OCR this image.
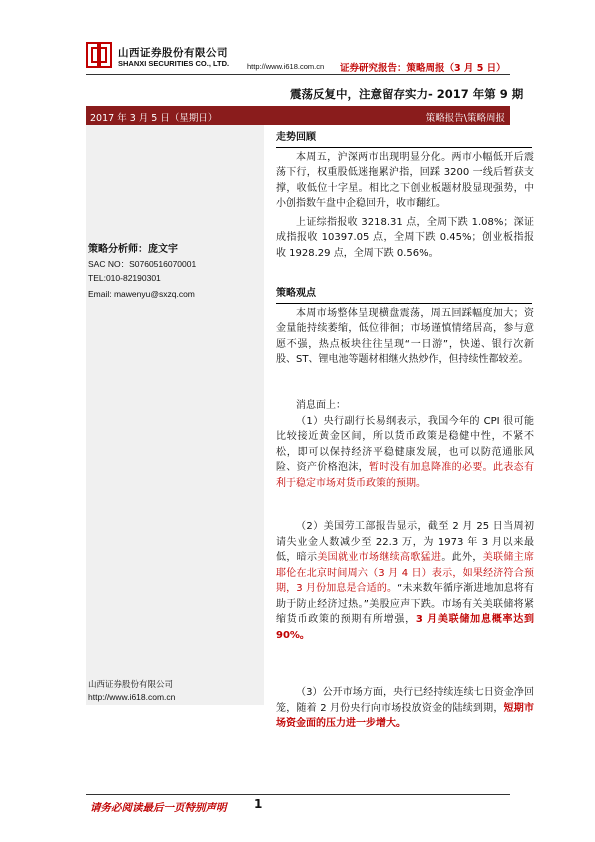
山西证券股份有限公司
SHANXI SECURITIES CO., LTD. http://www.i618.com.cn 证券研究报告：策略周报（3 月 5 日）
震荡反复中，注意留存实力- 2017 年第 9 期
2017 年 3 月 5 日（星期日）	策略报告\策略周报
策略分析师：庞文宇
SAC NO：S0760516070001
TEL:010-82190301
Email: mawenyu@sxzq.com
山西证券股份有限公司
http://www.i618.com.cn
走势回顾

本周五，沪深两市出现明显分化。两市小幅低开后震荡下行，权重股低迷拖累沪指，回踩 3200 一线后暂获支撑，收低位十字星。相比之下创业板题材股显现强势，中小创指数午盘中企稳回升，收市翻红。

上证综指报收 3218.31 点，全周下跌 1.08%；深证成指报收 10397.05 点，全周下跌 0.45%；创业板指报收 1928.29 点，全周下跌 0.56%。

策略观点

本周市场整体呈现横盘震荡，周五回踩幅度加大；资金量能持续萎缩，低位徘徊；市场谨慎情绪居高，参与意愿不强，热点板块往往呈现“一日游”，快递、银行次新股、ST、锂电池等题材相继火热炒作，但持续性都较差。

消息面上：

（1）央行副行长易纲表示，我国今年的 CPI 很可能比较接近黄金区间，所以货币政策是稳健中性，不紧不松，即可以保持经济平稳健康发展，也可以防范通胀风险、资产价格泡沫，暂时没有加息降准的必要。此表态有利于稳定市场对货币政策的预期。

（2）美国劳工部报告显示，截至 2 月 25 日当周初请失业金人数减少至 22.3 万，为 1973 年 3 月以来最低，暗示美国就业市场继续高歌猛进。此外，美联储主席耶伦在北京时间周六（3 月 4 日）表示，如果经济符合预期，3 月份加息是合适的。“未来数年循序渐进地加息将有助于防止经济过热。”美股应声下跌。市场有关美联储将紧缩货币政策的预期有所增强，3 月美联储加息概率达到 90%。

（3）公开市场方面，央行已经持续连续七日资金净回笼，随着 2 月份央行向市场投放资金的陆续到期，短期市场资金面的压力进一步增大。

请务必阅读最后一页特别声明 1
